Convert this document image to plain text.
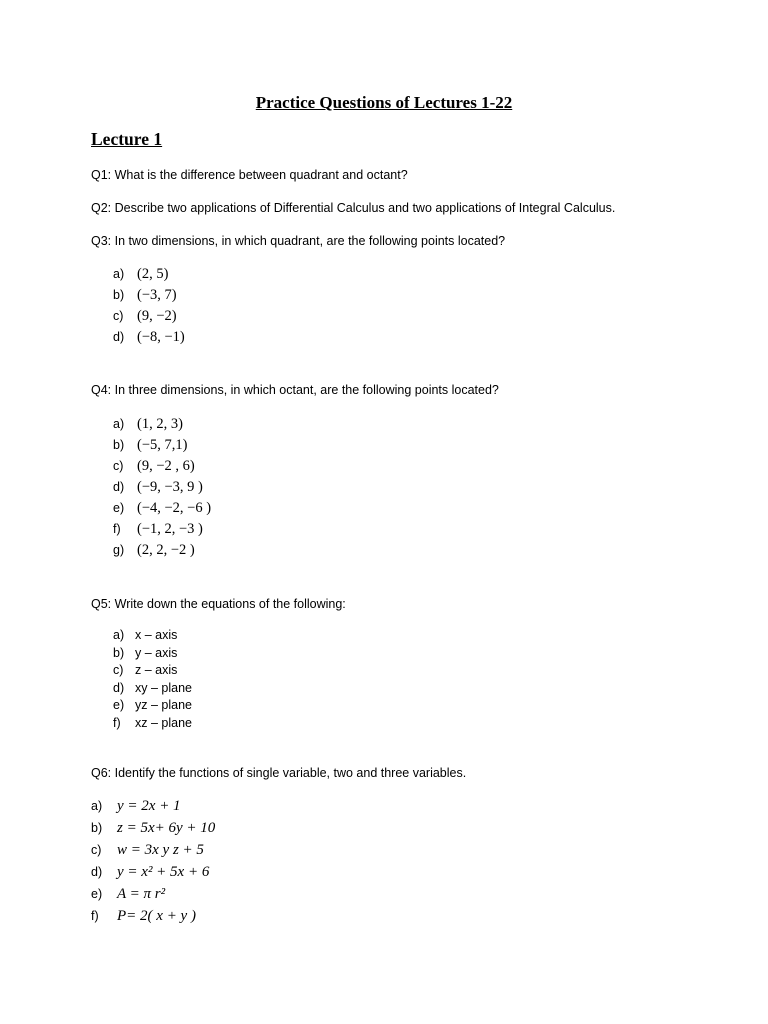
Practice Questions of Lectures 1-22
Lecture 1
Q1: What is the difference between quadrant and octant?
Q2: Describe two applications of Differential Calculus and two applications of Integral Calculus.
Q3: In two dimensions, in which quadrant, are the following points located?
a) (2, 5)
b) (−3, 7)
c) (9, −2)
d) (−8, −1)
Q4: In three dimensions, in which octant, are the following points located?
a) (1, 2, 3)
b) (−5, 7,1)
c) (9, −2 , 6)
d) (−9, −3, 9 )
e) (−4, −2, −6 )
f) (−1, 2, −3 )
g) (2, 2, −2 )
Q5: Write down the equations of the following:
a) x – axis
b) y – axis
c) z – axis
d) xy – plane
e) yz – plane
f) xz – plane
Q6: Identify the functions of single variable, two and three variables.
a) y = 2x + 1
b) z = 5x+ 6y + 10
c) w = 3x y z + 5
d) y = x² + 5x + 6
e) A = π r²
f) P= 2( x + y )
